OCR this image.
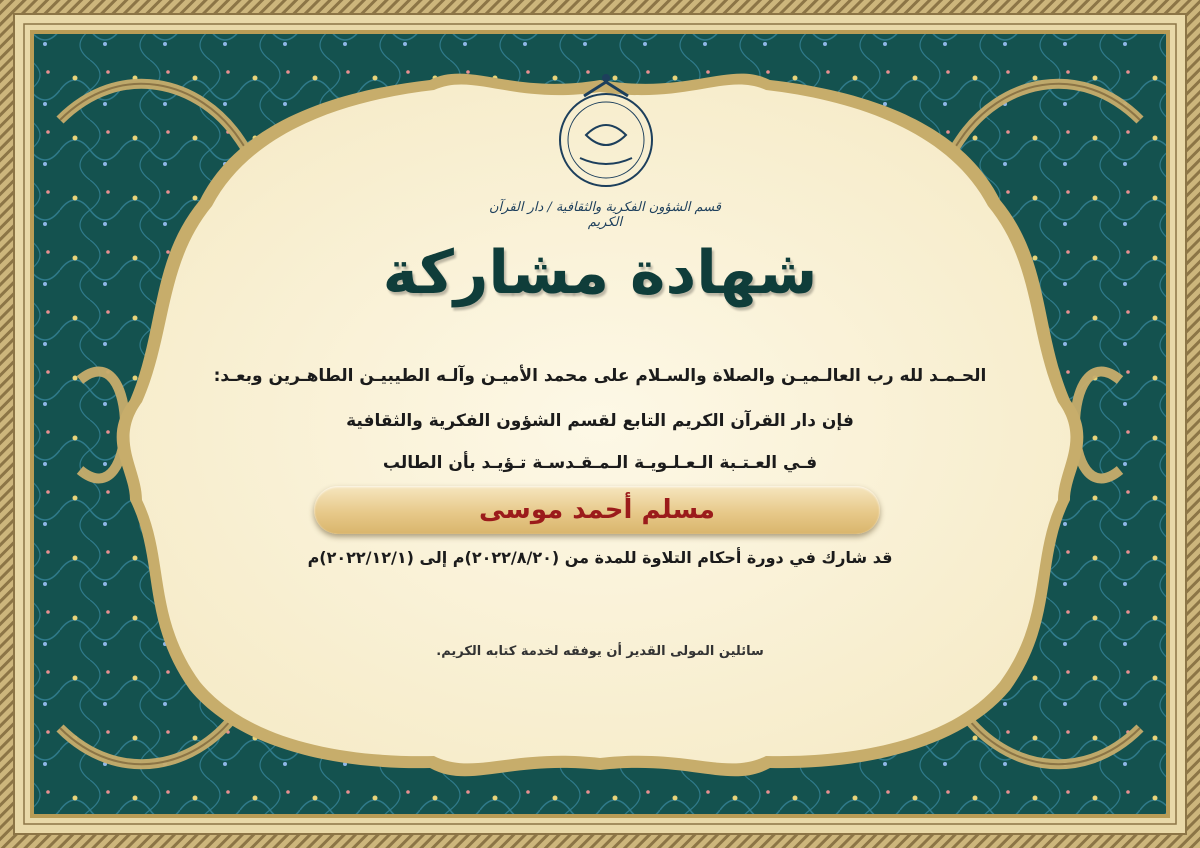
قسم الشؤون الفكرية والثقافية / دار القرآن الكريم
شهادة مشاركة
الحـمـد لله رب العالـميـن والصلاة والسـلام على محمد الأميـن وآلـه الطيبيـن الطاهـرين وبعـد:
فإن دار القرآن الكريم التابع لقسم الشؤون الفكرية والثقافية
فـي العـتـبة الـعـلـويـة الـمـقـدسـة تـؤيـد بأن الطالب
مسلم أحمد موسى
قد شارك في دورة أحكام التلاوة للمدة من (٢٠٢٢/٨/٢٠)م إلى (٢٠٢٢/١٢/١)م
سائلين المولى القدير أن يوفقه لخدمة كتابه الكريم.
